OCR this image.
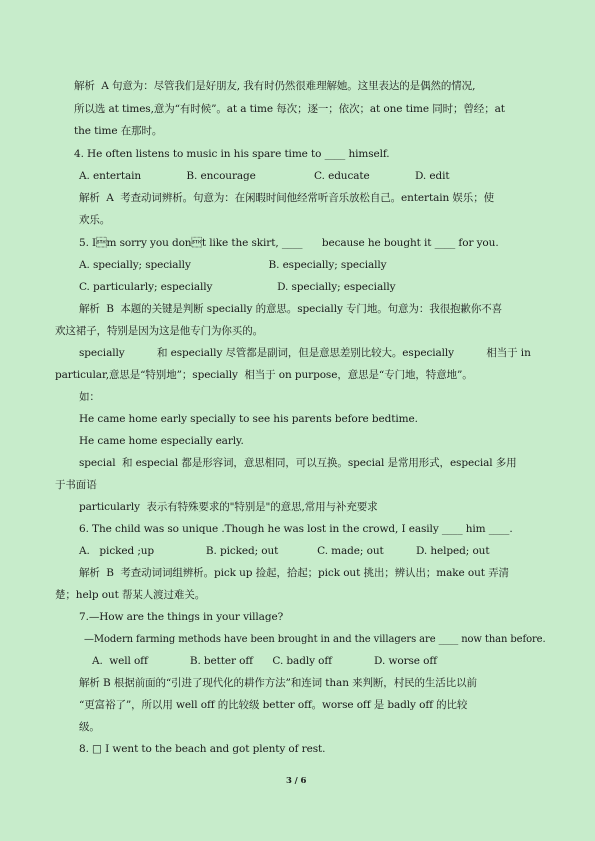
解析  A 句意为：尽管我们是好朋友, 我有时仍然很难理解她。这里表达的是偶然的情况,
所以选 at times,意为“有时候”。at a time 每次；逐一；依次；at one time 同时；曾经；at
the time 在那时。
4. He often listens to music in his spare time to ____ himself.
A. entertain              B. encourage                  C. educate              D. edit
解析  A  考查动词辨析。句意为：在闲暇时间他经常听音乐放松自己。entertain 娱乐；使
欢乐。
5. Im sorry you dont like the skirt, ____      because he bought it ____ for you.
A. specially; specially                        B. especially; specially
C. particularly; especially                    D. specially; especially
解析  B  本题的关键是判断 specially 的意思。specially 专门地。句意为：我很抱歉你不喜
欢这裙子，特别是因为这是他专门为你买的。
specially          和 especially 尽管都是副词，但是意思差别比较大。especially          相当于 in
particular,意思是“特别地”；specially  相当于 on purpose，意思是“专门地，特意地”。
如：
He came home early specially to see his parents before bedtime.
He came home especially early.
special  和 especial 都是形容词，意思相同，可以互换。special 是常用形式，especial 多用
于书面语
particularly  表示有特殊要求的"特别是"的意思,常用与补充要求
6. The child was so unique .Though he was lost in the crowd, I easily ____ him ____.
A.   picked ;up                B. picked; out            C. made; out          D. helped; out
解析  B  考查动词词组辨析。pick up 捡起，拾起；pick out 挑出；辨认出；make out 弄清
楚；help out 帮某人渡过难关。
7.—How are the things in your village?
—Modern farming methods have been brought in and the villagers are ____ now than before.
A.  well off             B. better off      C. badly off             D. worse off
解析 B 根据前面的“引进了现代化的耕作方法”和连词 than 来判断，村民的生活比以前
“更富裕了”，所以用 well off 的比较级 better off。worse off 是 badly off 的比较
级。
8. □ I went to the beach and got plenty of rest.
3 / 6
